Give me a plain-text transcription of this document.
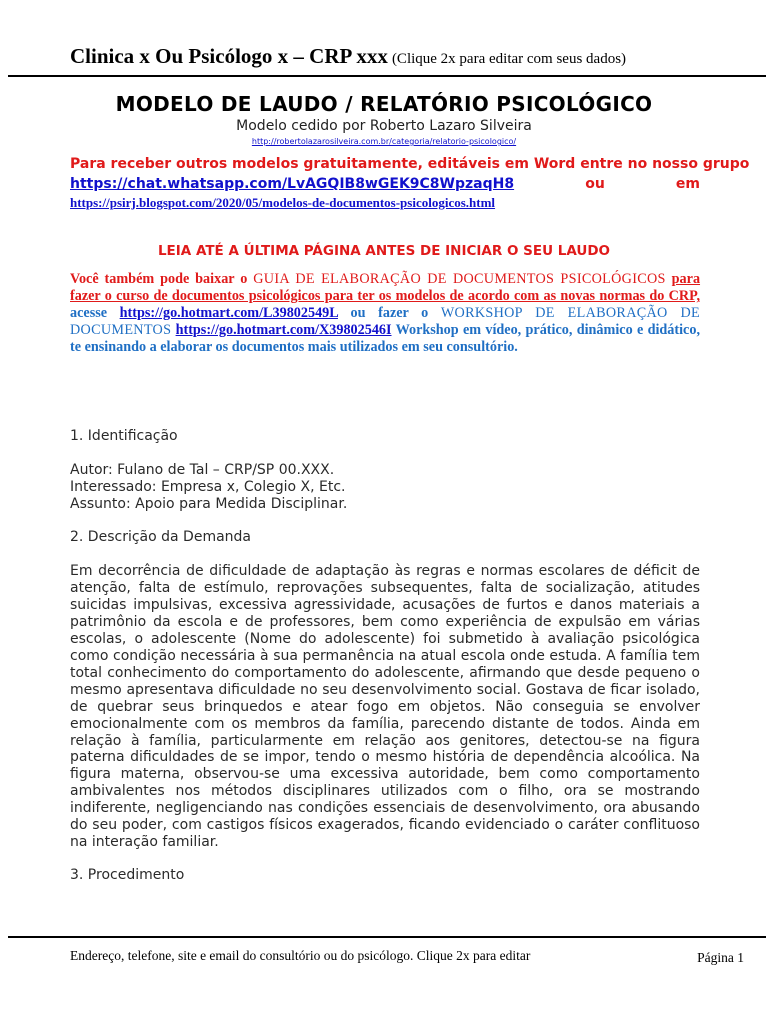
Clinica x Ou Psicólogo x – CRP xxx (Clique 2x para editar com seus dados)
MODELO DE LAUDO / RELATÓRIO PSICOLÓGICO
Modelo cedido por Roberto Lazaro Silveira
http://robertolazarosilveira.com.br/categoria/relatorio-psicologico/
Para receber outros modelos gratuitamente, editáveis em Word entre no nosso grupo
https://chat.whatsapp.com/LvAGQIB8wGEK9C8WpzaqH8	ou	em
https://psirj.blogspot.com/2020/05/modelos-de-documentos-psicologicos.html
LEIA ATÉ A ÚLTIMA PÁGINA ANTES DE INICIAR O SEU LAUDO

Você também pode baixar o GUIA DE ELABORAÇÃO DE DOCUMENTOS PSICOLÓGICOS para fazer o curso de documentos psicológicos para ter os modelos de acordo com as novas normas do CRP, acesse https://go.hotmart.com/L39802549L ou fazer o WORKSHOP DE ELABORAÇÃO DE DOCUMENTOS https://go.hotmart.com/X39802546I Workshop em vídeo, prático, dinâmico e didático, te ensinando a elaborar os documentos mais utilizados em seu consultório.

1. Identificação
Autor: Fulano de Tal – CRP/SP 00.XXX.
Interessado: Empresa x, Colegio X, Etc.
Assunto: Apoio para Medida Disciplinar.
2. Descrição da Demanda
Em decorrência de dificuldade de adaptação às regras e normas escolares de déficit de atenção, falta de estímulo, reprovações subsequentes, falta de socialização, atitudes suicidas impulsivas, excessiva agressividade, acusações de furtos e danos materiais a patrimônio da escola e de professores, bem como experiência de expulsão em várias escolas, o adolescente (Nome do adolescente) foi submetido à avaliação psicológica como condição necessária à sua permanência na atual escola onde estuda. A família tem total conhecimento do comportamento do adolescente, afirmando que desde pequeno o mesmo apresentava dificuldade no seu desenvolvimento social. Gostava de ficar isolado, de quebrar seus brinquedos e atear fogo em objetos. Não conseguia se envolver emocionalmente com os membros da família, parecendo distante de todos. Ainda em relação à família, particularmente em relação aos genitores, detectou-se na figura paterna dificuldades de se impor, tendo o mesmo história de dependência alcoólica. Na figura materna, observou-se uma excessiva autoridade, bem como comportamento ambivalentes nos métodos disciplinares utilizados com o filho, ora se mostrando indiferente, negligenciando nas condições essenciais de desenvolvimento, ora abusando do seu poder, com castigos físicos exagerados, ficando evidenciado o caráter conflituoso na interação familiar.
3. Procedimento
Endereço, telefone, site e email do consultório ou do psicólogo. Clique 2x para editar	Página 1
